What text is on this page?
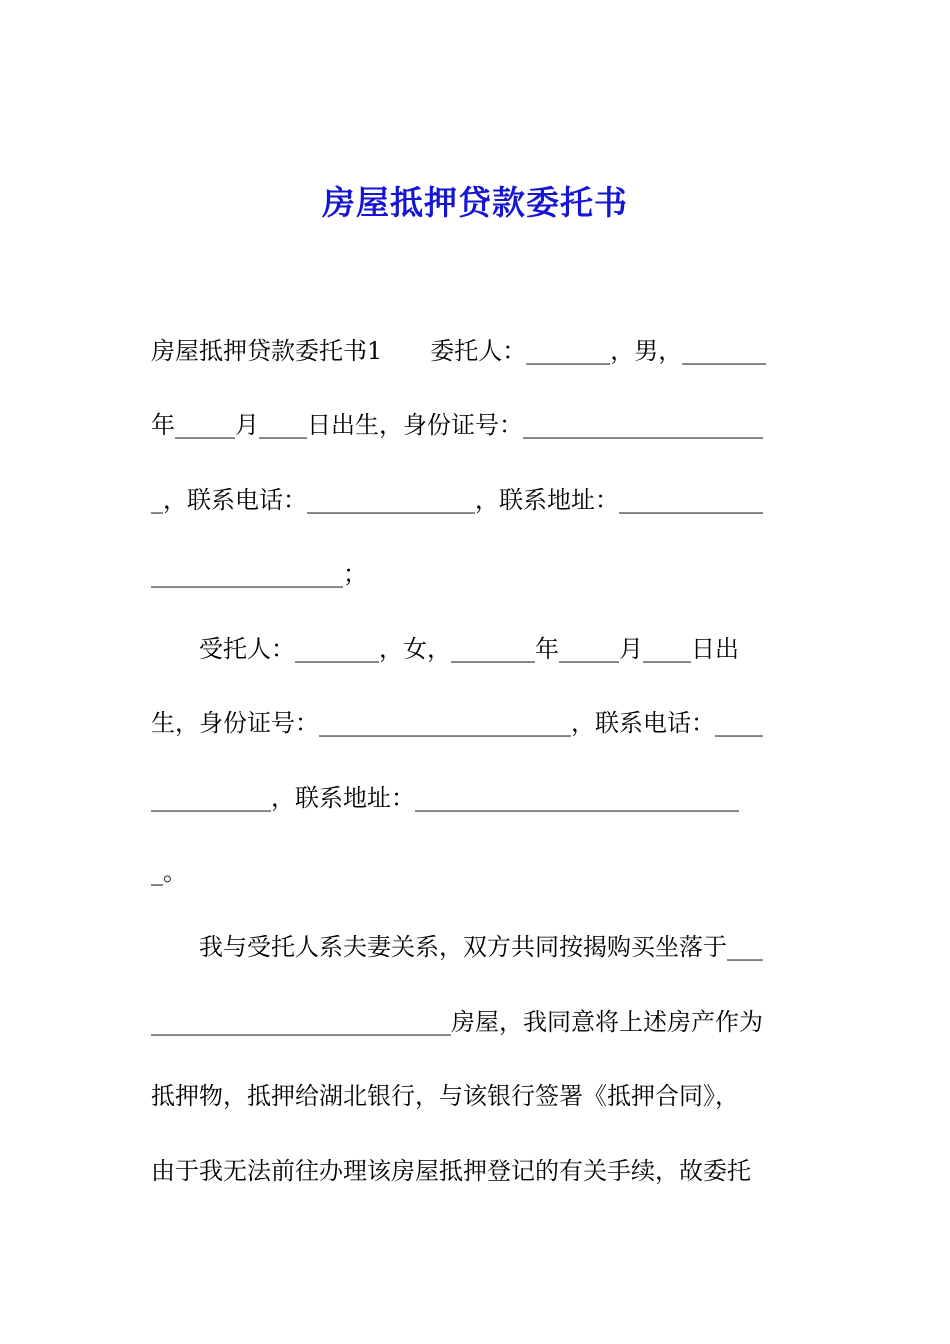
房屋抵押贷款委托书
房屋抵押贷款委托书1　　委托人：_______，男，_______
年_____月____日出生，身份证号：____________________
_，联系电话：______________，联系地址：____________
________________；
　　受托人：_______，女，_______年_____月____日出
生，身份证号：_____________________，联系电话：____
__________，联系地址：___________________________
_。
　　我与受托人系夫妻关系，双方共同按揭购买坐落于___
_________________________房屋，我同意将上述房产作为
抵押物，抵押给湖北银行，与该银行签署《抵押合同》，
由于我无法前往办理该房屋抵押登记的有关手续，故委托
